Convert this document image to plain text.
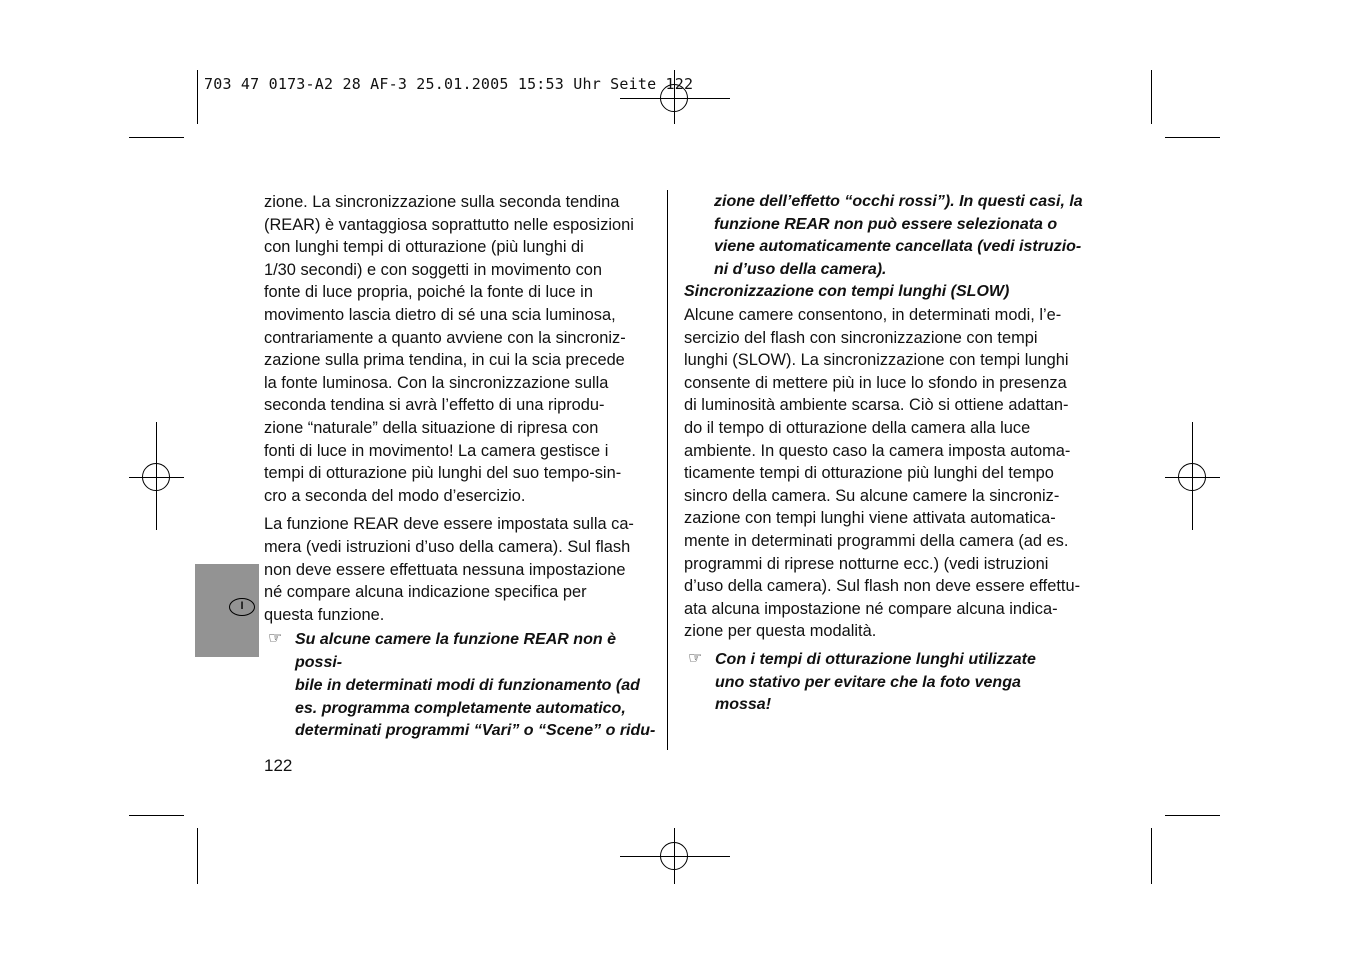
703 47 0173-A2 28 AF-3 25.01.2005 15:53 Uhr Seite 122
I

zione. La sincronizzazione sulla seconda tendina
(REAR) è vantaggiosa soprattutto nelle esposizioni
con lunghi tempi di otturazione (più lunghi di
1/30 secondi) e con soggetti in movimento con
fonte di luce propria, poiché la fonte di luce in
movimento lascia dietro di sé una scia luminosa,
contrariamente a quanto avviene con la sincroniz-
zazione sulla prima tendina, in cui la scia precede
la fonte luminosa. Con la sincronizzazione sulla
seconda tendina si avrà l’effetto di una riprodu-
zione “naturale” della situazione di ripresa con
fonti di luce in movimento! La camera gestisce i
tempi di otturazione più lunghi del suo tempo-sin-
cro a seconda del modo d’esercizio.

La funzione REAR deve essere impostata sulla ca-
mera (vedi istruzioni d’uso della camera). Sul flash
non deve essere effettuata nessuna impostazione
né compare alcuna indicazione specifica per
questa funzione.

☞ Su alcune camere la funzione REAR non è possi-
bile in determinati modi di funzionamento (ad
es. programma completamente automatico,
determinati programmi “Vari” o “Scene” o ridu-

zione dell’effetto “occhi rossi”). In questi casi, la
funzione REAR non può essere selezionata o
viene automaticamente cancellata (vedi istruzio-
ni d’uso della camera).

Sincronizzazione con tempi lunghi (SLOW)

Alcune camere consentono, in determinati modi, l’e-
sercizio del flash con sincronizzazione con tempi
lunghi (SLOW). La sincronizzazione con tempi lunghi
consente di mettere più in luce lo sfondo in presenza
di luminosità ambiente scarsa. Ciò si ottiene adattan-
do il tempo di otturazione della camera alla luce
ambiente. In questo caso la camera imposta automa-
ticamente tempi di otturazione più lunghi del tempo
sincro della camera. Su alcune camere la sincroniz-
zazione con tempi lunghi viene attivata automatica-
mente in determinati programmi della camera (ad es.
programmi di riprese notturne ecc.) (vedi istruzioni
d’uso della camera). Sul flash non deve essere effettu-
ata alcuna impostazione né compare alcuna indica-
zione per questa modalità.

☞ Con i tempi di otturazione lunghi utilizzate
uno stativo per evitare che la foto venga
mossa!
122
